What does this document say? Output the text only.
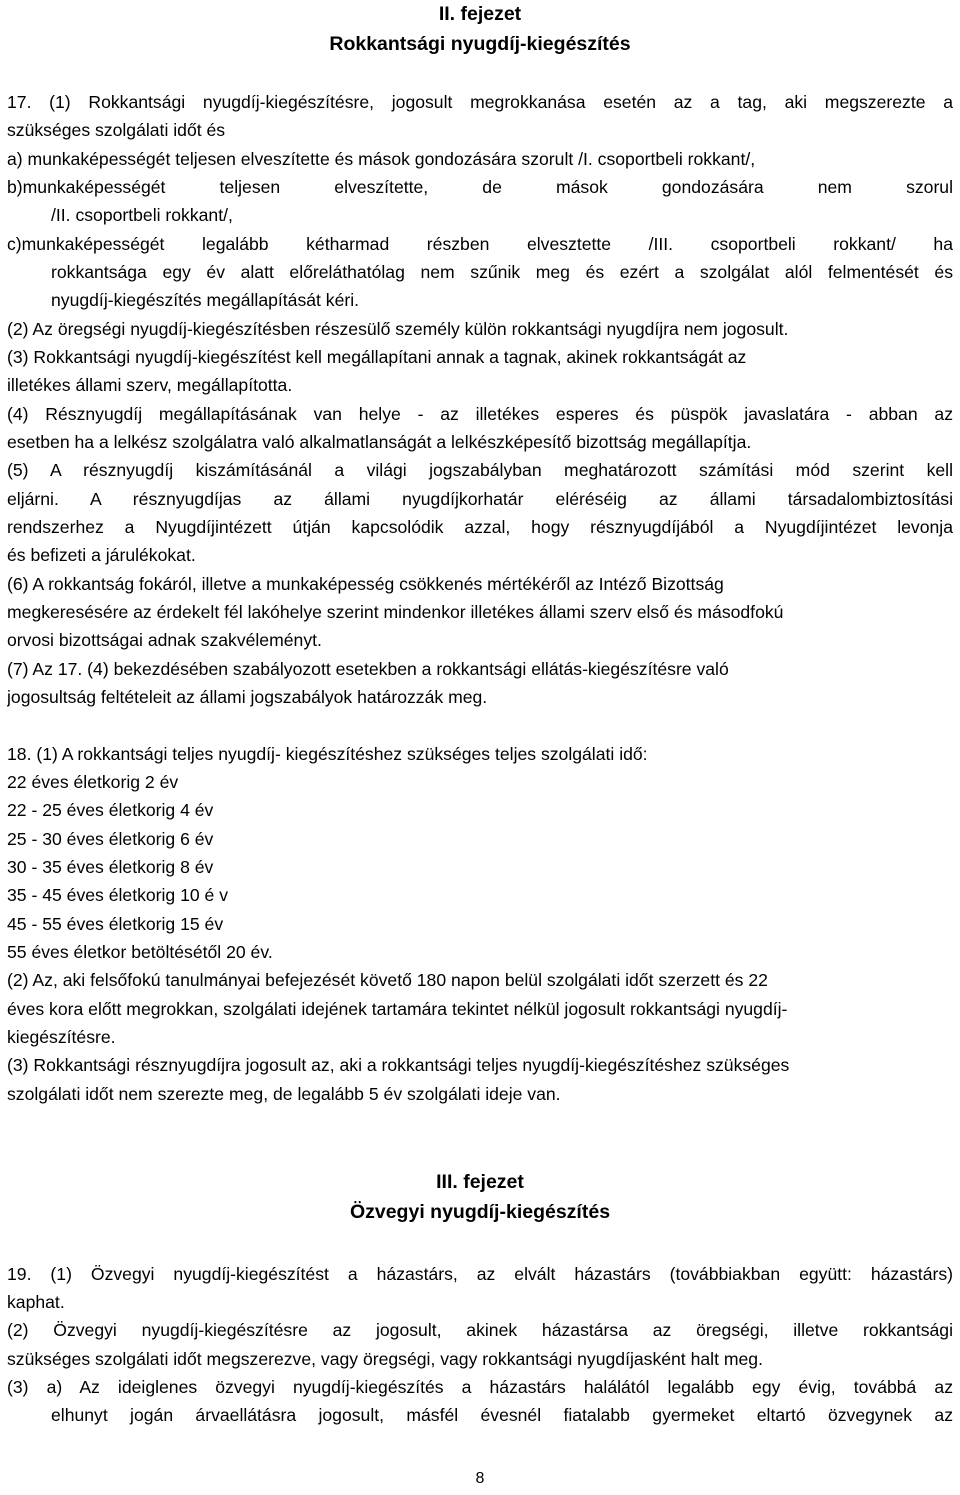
II. fejezet
Rokkantsági nyugdíj-kiegészítés
17. (1) Rokkantsági nyugdíj-kiegészítésre, jogosult megrokkanása esetén az a tag, aki megszerezte a
szükséges szolgálati időt és
a) munkaképességét teljesen elveszítette és mások gondozására szorult /I. csoportbeli rokkant/,
b)munkaképességét teljesen elveszítette, de mások gondozására nem szorul
/II. csoportbeli rokkant/,
c)munkaképességét legalább kétharmad részben elvesztette /III. csoportbeli rokkant/ ha
rokkantsága egy év alatt előreláthatólag nem szűnik meg és ezért a szolgálat alól felmentését és
nyugdíj-kiegészítés megállapítását kéri.
(2) Az öregségi nyugdíj-kiegészítésben részesülő személy külön rokkantsági nyugdíjra nem jogosult.
(3) Rokkantsági nyugdíj-kiegészítést kell megállapítani annak a tagnak, akinek rokkantságát az
illetékes állami szerv, megállapította.
(4) Résznyugdíj megállapításának van helye - az illetékes esperes és püspök javaslatára - abban az
esetben ha a lelkész szolgálatra való alkalmatlanságát a lelkészképesítő bizottság megállapítja.
(5) A résznyugdíj kiszámításánál a világi jogszabályban meghatározott számítási mód szerint kell
eljárni. A résznyugdíjas az állami nyugdíjkorhatár eléréséig az állami társadalombiztosítási
rendszerhez a Nyugdíjintézett útján kapcsolódik azzal, hogy résznyugdíjából a Nyugdíjintézet levonja
és befizeti a járulékokat.
(6) A rokkantság fokáról, illetve a munkaképesség csökkenés mértékéről az Intéző Bizottság
megkeresésére az érdekelt fél lakóhelye szerint mindenkor illetékes állami szerv első és másodfokú
orvosi bizottságai adnak szakvéleményt.
(7) Az 17. (4) bekezdésében szabályozott esetekben a rokkantsági ellátás-kiegészítésre való
jogosultság feltételeit az állami jogszabályok határozzák meg.
18. (1) A rokkantsági teljes nyugdíj- kiegészítéshez szükséges teljes szolgálati idő:
22 éves életkorig 2 év
22 - 25 éves életkorig 4 év
25 - 30 éves életkorig 6 év
30 - 35 éves életkorig 8 év
35 - 45 éves életkorig 10 é v
45 - 55 éves életkorig 15 év
55 éves életkor betöltésétől 20 év.
(2) Az, aki felsőfokú tanulmányai befejezését követő 180 napon belül szolgálati időt szerzett és 22
éves kora előtt megrokkan, szolgálati idejének tartamára tekintet nélkül jogosult rokkantsági nyugdíj-
kiegészítésre.
(3) Rokkantsági résznyugdíjra jogosult az, aki a rokkantsági teljes nyugdíj-kiegészítéshez szükséges
szolgálati időt nem szerezte meg, de legalább 5 év szolgálati ideje van.
III. fejezet
Özvegyi nyugdíj-kiegészítés
19. (1) Özvegyi nyugdíj-kiegészítést a házastárs, az elvált házastárs (továbbiakban együtt: házastárs)
kaphat.
(2) Özvegyi nyugdíj-kiegészítésre az jogosult, akinek házastársa az öregségi, illetve rokkantsági
szükséges szolgálati időt megszerezve, vagy öregségi, vagy rokkantsági nyugdíjasként halt meg.
(3) a) Az ideiglenes özvegyi nyugdíj-kiegészítés a házastárs halálától legalább egy évig, továbbá az
elhunyt jogán árvaellátásra jogosult, másfél évesnél fiatalabb gyermeket eltartó özvegynek az
8
